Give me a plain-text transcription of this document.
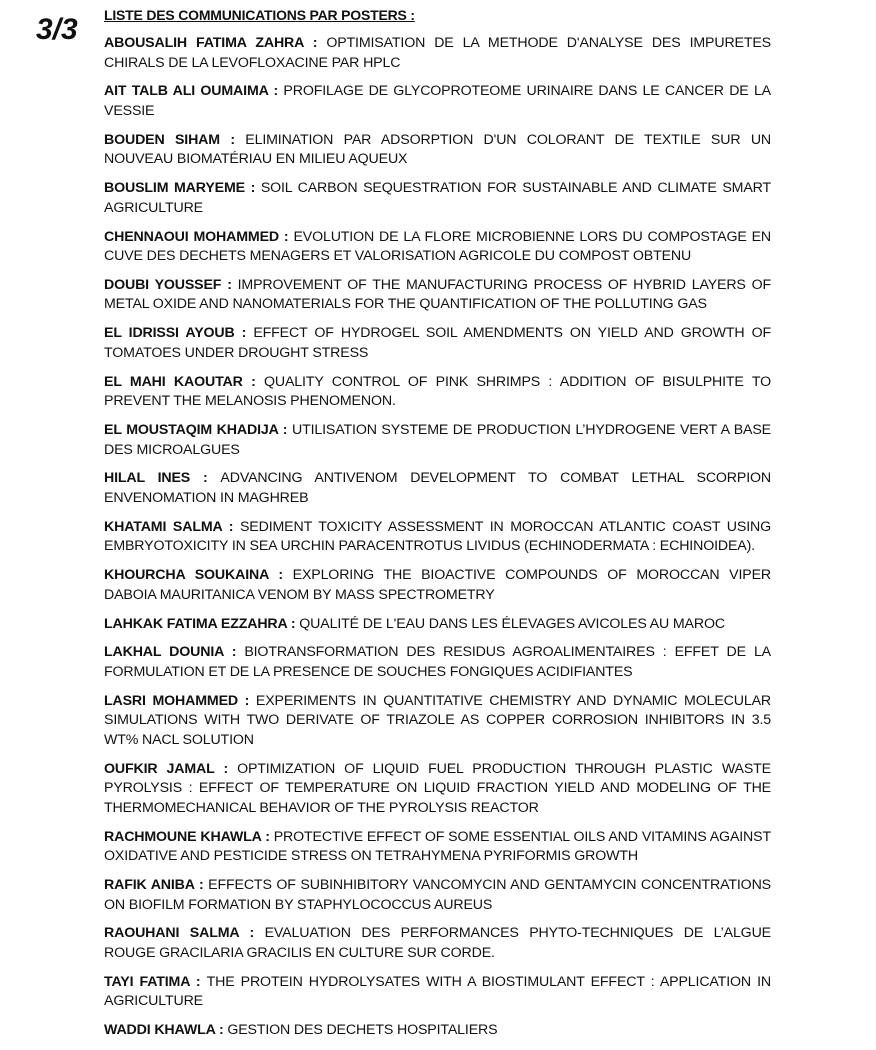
3/3 LISTE DES COMMUNICATIONS PAR POSTERS :
ABOUSALIH FATIMA ZAHRA : OPTIMISATION DE LA METHODE D'ANALYSE DES IMPURETES CHIRALS DE LA LEVOFLOXACINE PAR HPLC
AIT TALB ALI OUMAIMA : PROFILAGE DE GLYCOPROTEOME URINAIRE DANS LE CANCER DE LA VESSIE
BOUDEN SIHAM : ELIMINATION PAR ADSORPTION D'UN COLORANT DE TEXTILE SUR UN NOUVEAU BIOMATÉRIAU EN MILIEU AQUEUX
BOUSLIM MARYEME : SOIL CARBON SEQUESTRATION FOR SUSTAINABLE AND CLIMATE SMART AGRICULTURE
CHENNAOUI MOHAMMED : EVOLUTION DE LA FLORE MICROBIENNE LORS DU COMPOSTAGE EN CUVE DES DECHETS MENAGERS ET VALORISATION AGRICOLE DU COMPOST OBTENU
DOUBI YOUSSEF : IMPROVEMENT OF THE MANUFACTURING PROCESS OF HYBRID LAYERS OF METAL OXIDE AND NANOMATERIALS FOR THE QUANTIFICATION OF THE POLLUTING GAS
EL IDRISSI AYOUB : EFFECT OF HYDROGEL SOIL AMENDMENTS ON YIELD AND GROWTH OF TOMATOES UNDER DROUGHT STRESS
EL MAHI KAOUTAR : QUALITY CONTROL OF PINK SHRIMPS : ADDITION OF BISULPHITE TO PREVENT THE MELANOSIS PHENOMENON.
EL MOUSTAQIM KHADIJA : UTILISATION SYSTEME DE PRODUCTION L’HYDROGENE VERT A BASE DES MICROALGUES
HILAL INES : ADVANCING ANTIVENOM DEVELOPMENT TO COMBAT LETHAL SCORPION ENVENOMATION IN MAGHREB
KHATAMI SALMA : SEDIMENT TOXICITY ASSESSMENT IN MOROCCAN ATLANTIC COAST USING EMBRYOTOXICITY IN SEA URCHIN PARACENTROTUS LIVIDUS (ECHINODERMATA : ECHINOIDEA).
KHOURCHA SOUKAINA : EXPLORING THE BIOACTIVE COMPOUNDS OF MOROCCAN VIPER DABOIA MAURITANICA VENOM BY MASS SPECTROMETRY
LAHKAK FATIMA EZZAHRA : QUALITÉ DE L'EAU DANS LES ÉLEVAGES AVICOLES AU MAROC
LAKHAL DOUNIA : BIOTRANSFORMATION DES RESIDUS AGROALIMENTAIRES : EFFET DE LA FORMULATION ET DE LA PRESENCE DE SOUCHES FONGIQUES ACIDIFIANTES
LASRI MOHAMMED : EXPERIMENTS IN QUANTITATIVE CHEMISTRY AND DYNAMIC MOLECULAR SIMULATIONS WITH TWO DERIVATE OF TRIAZOLE AS COPPER CORROSION INHIBITORS IN 3.5 WT% NACL SOLUTION
OUFKIR JAMAL : OPTIMIZATION OF LIQUID FUEL PRODUCTION THROUGH PLASTIC WASTE PYROLYSIS : EFFECT OF TEMPERATURE ON LIQUID FRACTION YIELD AND MODELING OF THE THERMOMECHANICAL BEHAVIOR OF THE PYROLYSIS REACTOR
RACHMOUNE KHAWLA : PROTECTIVE EFFECT OF SOME ESSENTIAL OILS AND VITAMINS AGAINST OXIDATIVE AND PESTICIDE STRESS ON TETRAHYMENA PYRIFORMIS GROWTH
RAFIK ANIBA : EFFECTS OF SUBINHIBITORY VANCOMYCIN AND GENTAMYCIN CONCENTRATIONS ON BIOFILM FORMATION BY STAPHYLOCOCCUS AUREUS
RAOUHANI SALMA : EVALUATION DES PERFORMANCES PHYTO-TECHNIQUES DE L’ALGUE ROUGE GRACILARIA GRACILIS EN CULTURE SUR CORDE.
TAYI FATIMA : THE PROTEIN HYDROLYSATES WITH A BIOSTIMULANT EFFECT : APPLICATION IN AGRICULTURE
WADDI KHAWLA : GESTION DES DECHETS HOSPITALIERS
